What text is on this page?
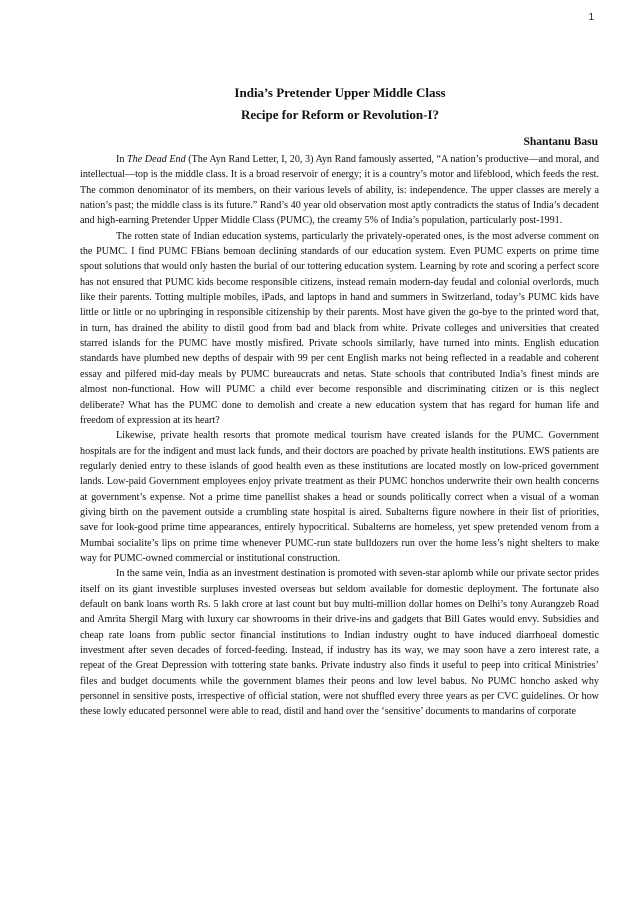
1
India’s Pretender Upper Middle Class
Recipe for Reform or Revolution-I?
Shantanu Basu

In The Dead End (The Ayn Rand Letter, I, 20, 3) Ayn Rand famously asserted, “A nation’s productive—and moral, and intellectual—top is the middle class. It is a broad reservoir of energy; it is a country’s motor and lifeblood, which feeds the rest. The common denominator of its members, on their various levels of ability, is: independence. The upper classes are merely a nation’s past; the middle class is its future.” Rand’s 40 year old observation most aptly contradicts the status of India’s decadent and high-earning Pretender Upper Middle Class (PUMC), the creamy 5% of India’s population, particularly post-1991.

The rotten state of Indian education systems, particularly the privately-operated ones, is the most adverse comment on the PUMC. I find PUMC FBians bemoan declining standards of our education system. Even PUMC experts on prime time spout solutions that would only hasten the burial of our tottering education system. Learning by rote and scoring a perfect score has not ensured that PUMC kids become responsible citizens, instead remain modern-day feudal and colonial overlords, much like their parents. Totting multiple mobiles, iPads, and laptops in hand and summers in Switzerland, today’s PUMC kids have little or little or no upbringing in responsible citizenship by their parents. Most have given the go-bye to the printed word that, in turn, has drained the ability to distil good from bad and black from white. Private colleges and universities that created starred islands for the PUMC have mostly misfired. Private schools similarly, have turned into mints. English education standards have plumbed new depths of despair with 99 per cent English marks not being reflected in a readable and coherent essay and pilfered mid-day meals by PUMC bureaucrats and netas. State schools that contributed India’s finest minds are almost non-functional. How will PUMC a child ever become responsible and discriminating citizen or is this neglect deliberate? What has the PUMC done to demolish and create a new education system that has regard for human life and freedom of expression at its heart?

Likewise, private health resorts that promote medical tourism have created islands for the PUMC. Government hospitals are for the indigent and must lack funds, and their doctors are poached by private health institutions. EWS patients are regularly denied entry to these islands of good health even as these institutions are located mostly on low-priced government lands. Low-paid Government employees enjoy private treatment as their PUMC honchos underwrite their own health concerns at government’s expense. Not a prime time panellist shakes a head or sounds politically correct when a visual of a woman giving birth on the pavement outside a crumbling state hospital is aired. Subalterns figure nowhere in their list of priorities, save for look-good prime time appearances, entirely hypocritical. Subalterns are homeless, yet spew pretended venom from a Mumbai socialite’s lips on prime time whenever PUMC-run state bulldozers run over the home less’s night shelters to make way for PUMC-owned commercial or institutional construction.

In the same vein, India as an investment destination is promoted with seven-star aplomb while our private sector prides itself on its giant investible surpluses invested overseas but seldom available for domestic deployment. The fortunate also default on bank loans worth Rs. 5 lakh crore at last count but buy multi-million dollar homes on Delhi’s tony Aurangzeb Road and Amrita Shergil Marg with luxury car showrooms in their drive-ins and gadgets that Bill Gates would envy. Subsidies and cheap rate loans from public sector financial institutions to Indian industry ought to have induced diarrhoeal domestic investment after seven decades of forced-feeding. Instead, if industry has its way, we may soon have a zero interest rate, a repeat of the Great Depression with tottering state banks. Private industry also finds it useful to peep into critical Ministries’ files and budget documents while the government blames their peons and low level babus. No PUMC honcho asked why personnel in sensitive posts, irrespective of official station, were not shuffled every three years as per CVC guidelines. Or how these lowly educated personnel were able to read, distil and hand over the ‘sensitive’ documents to mandarins of corporate
